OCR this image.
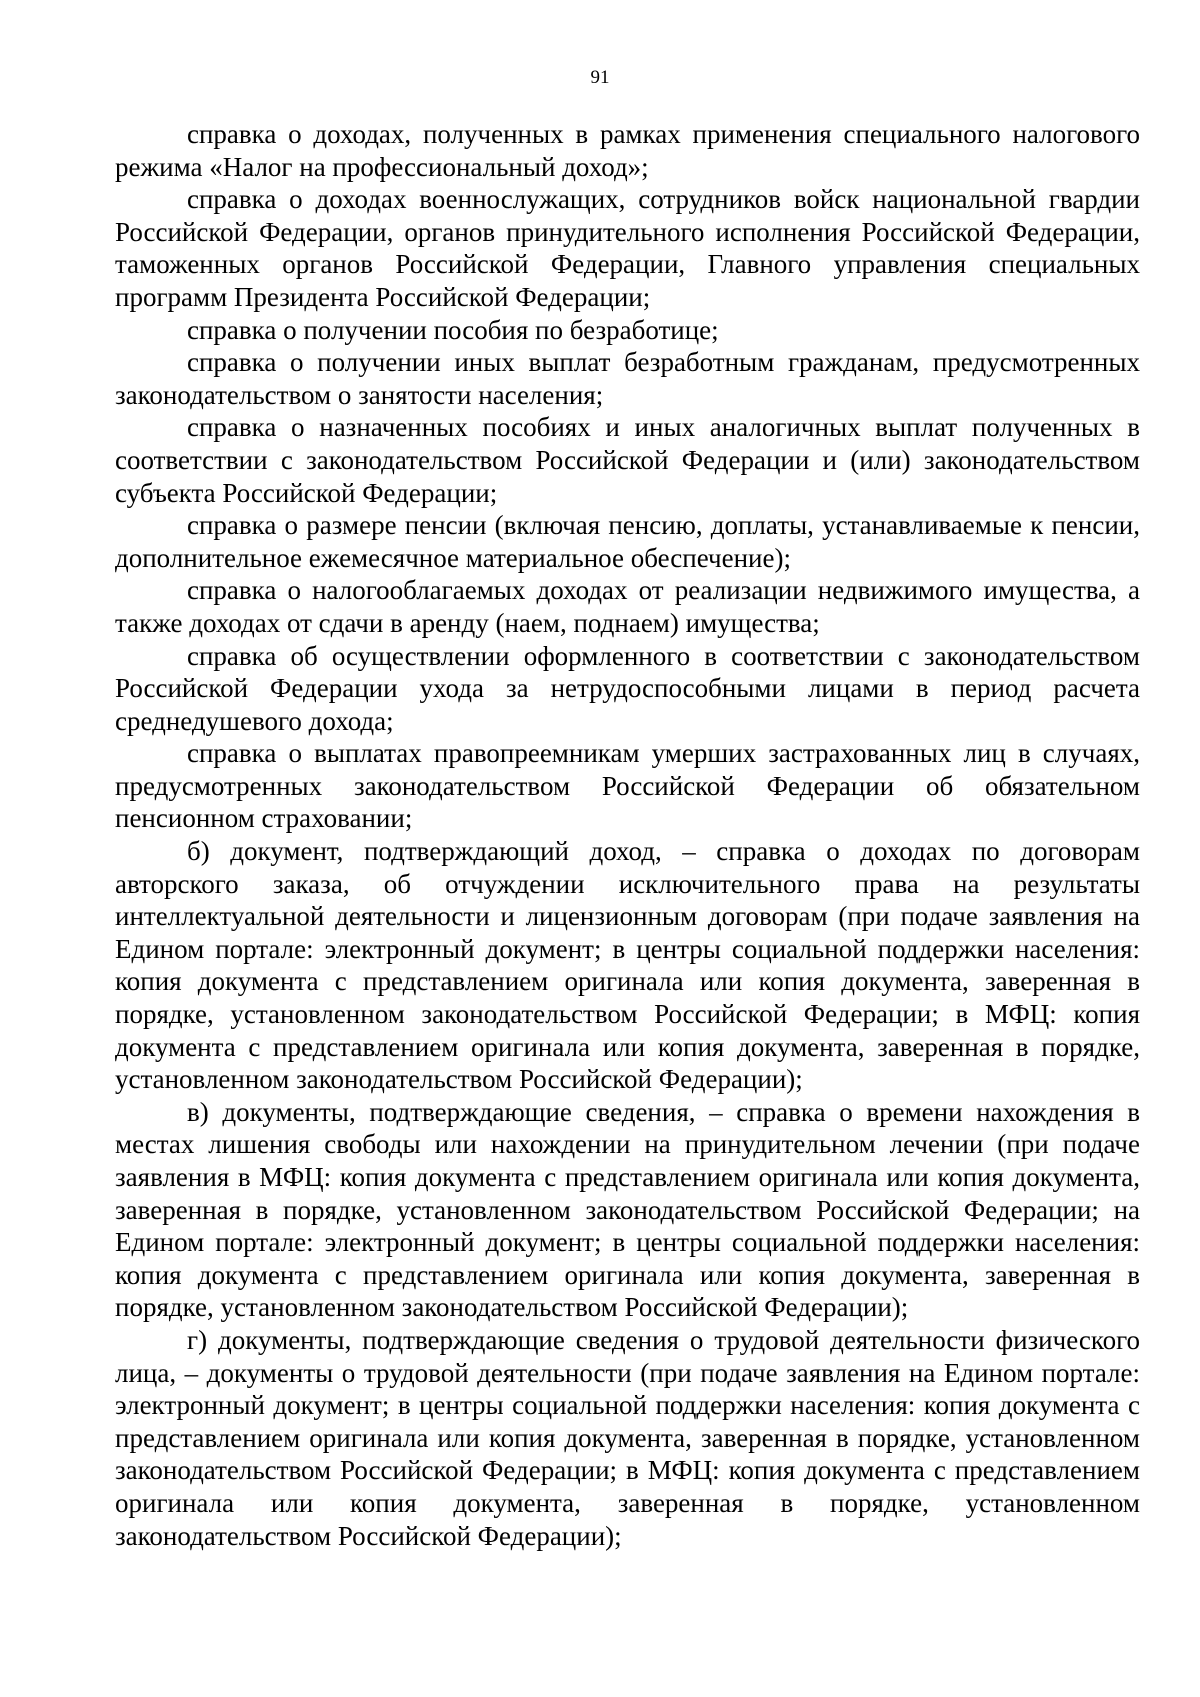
91

справка о доходах, полученных в рамках применения специального налогового режима «Налог на профессиональный доход»;

справка о доходах военнослужащих, сотрудников войск национальной гвардии Российской Федерации, органов принудительного исполнения Российской Федерации, таможенных органов Российской Федерации, Главного управления специальных программ Президента Российской Федерации;

справка о получении пособия по безработице;

справка о получении иных выплат безработным гражданам, предусмотренных законодательством о занятости населения;

справка о назначенных пособиях и иных аналогичных выплат полученных в соответствии с законодательством Российской Федерации и (или) законодательством субъекта Российской Федерации;

справка о размере пенсии (включая пенсию, доплаты, устанавливаемые к пенсии, дополнительное ежемесячное материальное обеспечение);

справка о налогооблагаемых доходах от реализации недвижимого имущества, а также доходах от сдачи в аренду (наем, поднаем) имущества;

справка об осуществлении оформленного в соответствии с законодательством Российской Федерации ухода за нетрудоспособными лицами в период расчета среднедушевого дохода;

справка о выплатах правопреемникам умерших застрахованных лиц в случаях, предусмотренных законодательством Российской Федерации об обязательном пенсионном страховании;

б) документ, подтверждающий доход, – справка о доходах по договорам авторского заказа, об отчуждении исключительного права на результаты интеллектуальной деятельности и лицензионным договорам (при подаче заявления на Едином портале: электронный документ; в центры социальной поддержки населения: копия документа с представлением оригинала или копия документа, заверенная в порядке, установленном законодательством Российской Федерации; в МФЦ: копия документа с представлением оригинала или копия документа, заверенная в порядке, установленном законодательством Российской Федерации);

в) документы, подтверждающие сведения, – справка о времени нахождения в местах лишения свободы или нахождении на принудительном лечении (при подаче заявления в МФЦ: копия документа с представлением оригинала или копия документа, заверенная в порядке, установленном законодательством Российской Федерации; на Едином портале: электронный документ; в центры социальной поддержки населения: копия документа с представлением оригинала или копия документа, заверенная в порядке, установленном законодательством Российской Федерации);

г) документы, подтверждающие сведения о трудовой деятельности физического лица, – документы о трудовой деятельности (при подаче заявления на Едином портале: электронный документ; в центры социальной поддержки населения: копия документа с представлением оригинала или копия документа, заверенная в порядке, установленном законодательством Российской Федерации; в МФЦ: копия документа с представлением оригинала или копия документа, заверенная в порядке, установленном законодательством Российской Федерации);
